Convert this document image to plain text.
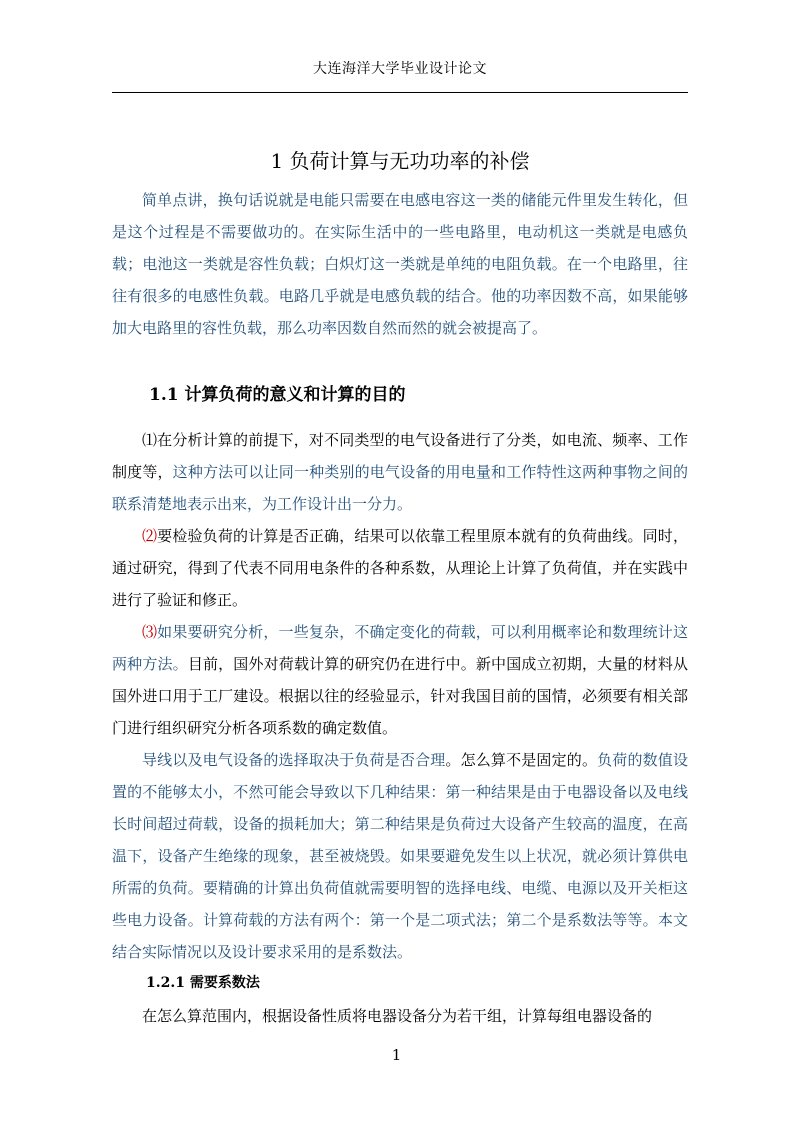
大连海洋大学毕业设计论文
1 负荷计算与无功功率的补偿

简单点讲，换句话说就是电能只需要在电感电容这一类的储能元件里发生转化，但是这个过程是不需要做功的。在实际生活中的一些电路里，电动机这一类就是电感负载；电池这一类就是容性负载；白炽灯这一类就是单纯的电阻负载。在一个电路里，往往有很多的电感性负载。电路几乎就是电感负载的结合。他的功率因数不高，如果能够加大电路里的容性负载，那么功率因数自然而然的就会被提高了。

1.1 计算负荷的意义和计算的目的

⑴在分析计算的前提下，对不同类型的电气设备进行了分类，如电流、频率、工作制度等，这种方法可以让同一种类别的电气设备的用电量和工作特性这两种事物之间的联系清楚地表示出来，为工作设计出一分力。

⑵要检验负荷的计算是否正确，结果可以依靠工程里原本就有的负荷曲线。同时，通过研究，得到了代表不同用电条件的各种系数，从理论上计算了负荷值，并在实践中进行了验证和修正。

⑶如果要研究分析，一些复杂，不确定变化的荷载，可以利用概率论和数理统计这两种方法。目前，国外对荷载计算的研究仍在进行中。新中国成立初期，大量的材料从国外进口用于工厂建设。根据以往的经验显示，针对我国目前的国情，必须要有相关部门进行组织研究分析各项系数的确定数值。

导线以及电气设备的选择取决于负荷是否合理。怎么算不是固定的。负荷的数值设置的不能够太小，不然可能会导致以下几种结果：第一种结果是由于电器设备以及电线长时间超过荷载，设备的损耗加大；第二种结果是负荷过大设备产生较高的温度，在高温下，设备产生绝缘的现象，甚至被烧毁。如果要避免发生以上状况，就必须计算供电所需的负荷。要精确的计算出负荷值就需要明智的选择电线、电缆、电源以及开关柜这些电力设备。计算荷载的方法有两个：第一个是二项式法；第二个是系数法等等。本文结合实际情况以及设计要求采用的是系数法。

1.2.1 需要系数法

在怎么算范围内，根据设备性质将电器设备分为若干组，计算每组电器设备的

1
